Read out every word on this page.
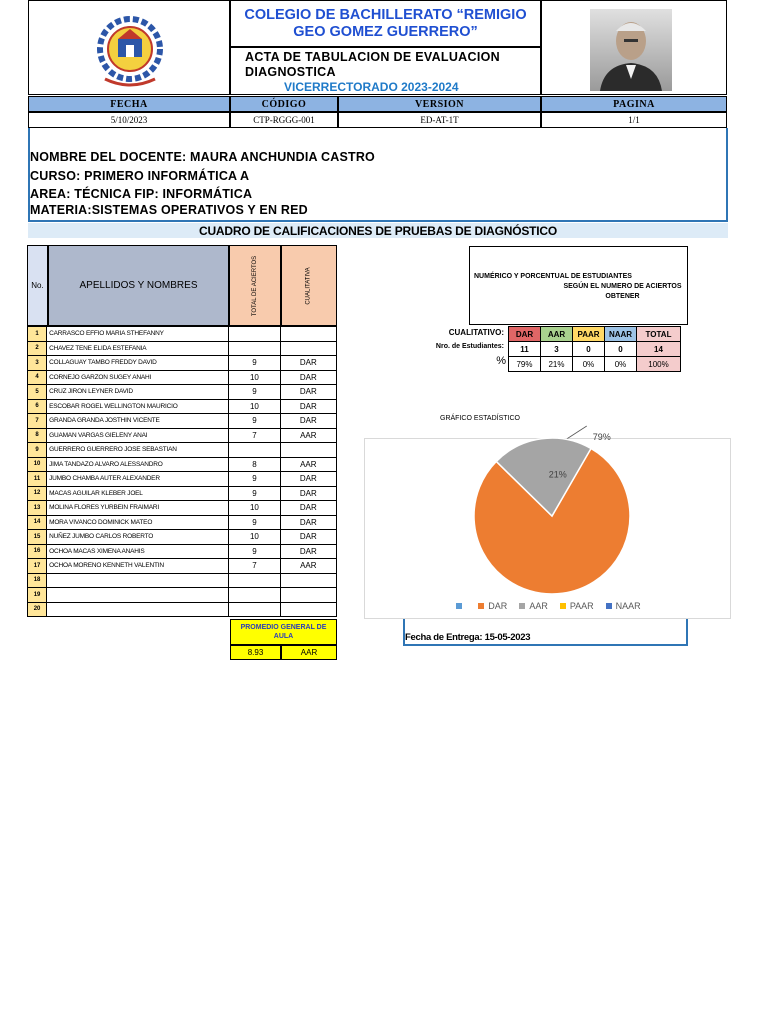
COLEGIO DE BACHILLERATO “REMIGIO GEO GOMEZ GUERRERO”
ACTA DE TABULACION DE EVALUACION DIAGNOSTICA
VICERRECTORADO 2023-2024
FECHA	CÓDIGO	VERSION	PAGINA
5/10/2023	CTP-RGGG-001	ED-AT-1T	1/1
NOMBRE DEL DOCENTE: MAURA ANCHUNDIA CASTRO
CURSO: PRIMERO INFORMÁTICA A
AREA: TÉCNICA FIP: INFORMÁTICA
MATERIA:SISTEMAS OPERATIVOS Y EN RED
CUADRO DE CALIFICACIONES DE PRUEBAS DE DIAGNÓSTICO
No.	APELLIDOS Y NOMBRES	TOTAL DE ACIERTOS	CUALITATIVA
1	CARRASCO EFFIO MARIA STHEFANNY		
2	CHAVEZ TENE ELIDA ESTEFANIA		
3	COLLAGUAY TAMBO FREDDY DAVID	9	DAR
4	CORNEJO GARZON SUGEY ANAHI	10	DAR
5	CRUZ JIRON LEYNER DAVID	9	DAR
6	ESCOBAR ROGEL WELLINGTON MAURICIO	10	DAR
7	GRANDA GRANDA JOSTHIN VICENTE	9	DAR
8	GUAMAN VARGAS GIELENY ANAI	7	AAR
9	GUERRERO GUERRERO JOSE SEBASTIAN		
10	JIMA TANDAZO ALVARO ALESSANDRO	8	AAR
11	JUMBO CHAMBA AUTER ALEXANDER	9	DAR
12	MACAS AGUILAR KLEBER JOEL	9	DAR
13	MOLINA FLORES YURBEIN FRAIMARI	10	DAR
14	MORA VIVANCO DOMINICK MATEO	9	DAR
15	NUÑEZ JUMBO CARLOS ROBERTO	10	DAR
16	OCHOA MACAS XIMENA ANAHIS	9	DAR
17	OCHOA MORENO KENNETH VALENTIN	7	AAR
18			
19			
20			
PROMEDIO GENERAL DE AULA
8.93	AAR
NUMÉRICO Y PORCENTUAL DE ESTUDIANTES
SEGÚN EL NUMERO DE ACIERTOS OBTENER
CUALITATIVO:
Nro. de Estudiantes:
%
DAR	AAR	PAAR	NAAR	TOTAL
11	3	0	0	14
79%	21%	0%	0%	100%
GRÁFICO ESTADÍSTICO
79%
21%
DAR AAR PAAR NAAR
Fecha de Entrega: 15-05-2023
